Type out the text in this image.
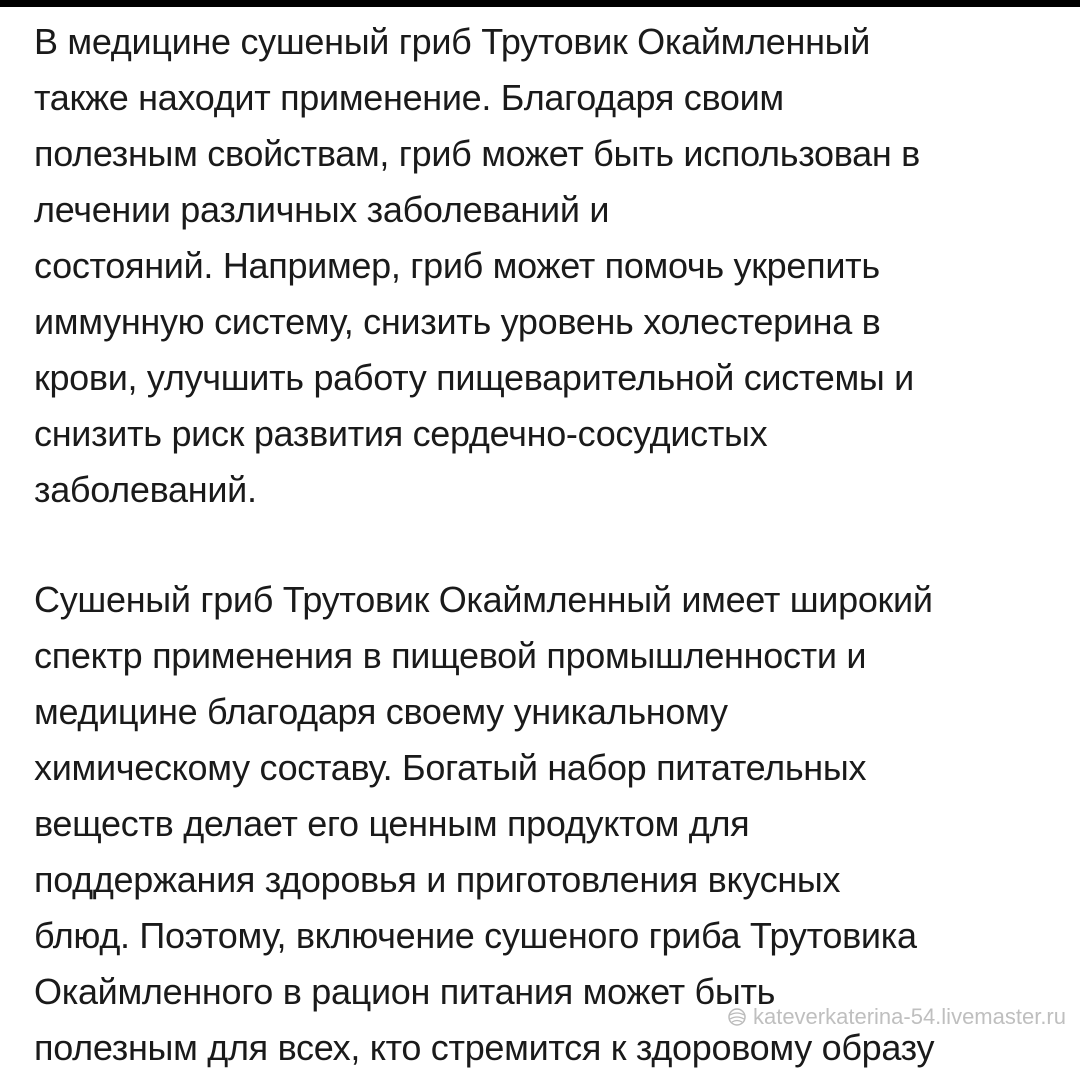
В медицине сушеный гриб Трутовик Окаймленный
также находит применение. Благодаря своим
полезным свойствам, гриб может быть использован в
лечении различных заболеваний и
состояний. Например, гриб может помочь укрепить
иммунную систему, снизить уровень холестерина в
крови, улучшить работу пищеварительной системы и
снизить риск развития сердечно-сосудистых
заболеваний.
Сушеный гриб Трутовик Окаймленный имеет широкий
спектр применения в пищевой промышленности и
медицине благодаря своему уникальному
химическому составу. Богатый набор питательных
веществ делает его ценным продуктом для
поддержания здоровья и приготовления вкусных
блюд. Поэтому, включение сушеного гриба Трутовика
Окаймленного в рацион питания может быть
полезным для всех, кто стремится к здоровому образу
kateverkaterina-54.livemaster.ru
